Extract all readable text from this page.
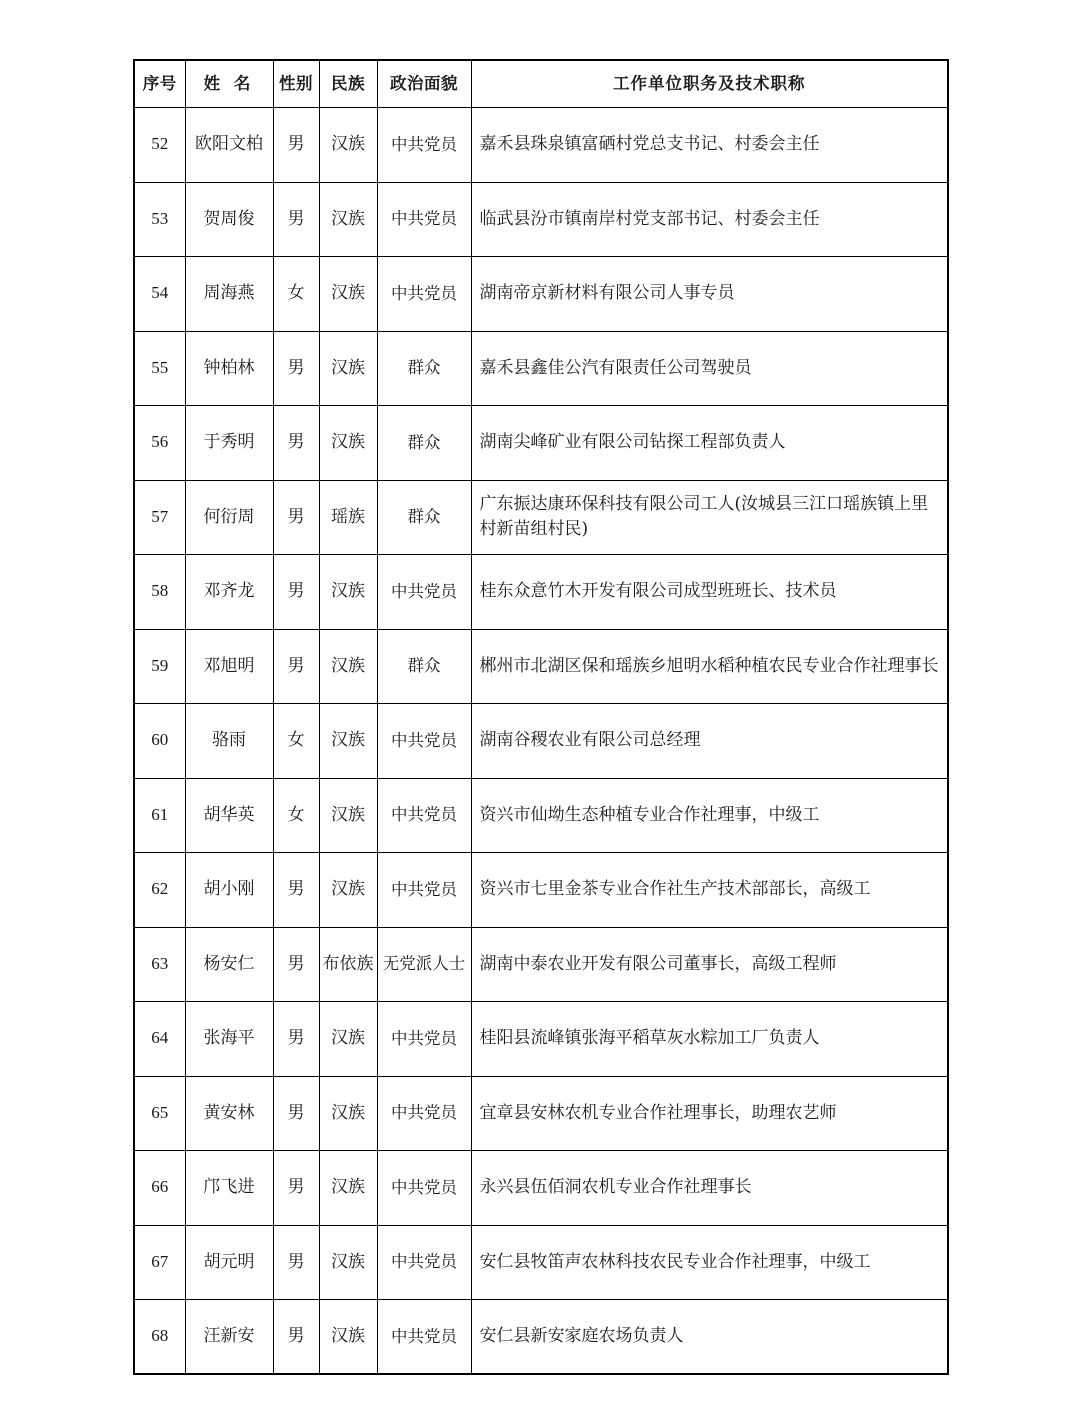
序号	姓 名	性别	民族	政治面貌	工作单位职务及技术职称
52	欧阳文柏	男	汉族	中共党员	嘉禾县珠泉镇富硒村党总支书记、村委会主任
53	贺周俊	男	汉族	中共党员	临武县汾市镇南岸村党支部书记、村委会主任
54	周海燕	女	汉族	中共党员	湖南帝京新材料有限公司人事专员
55	钟柏林	男	汉族	群众	嘉禾县鑫佳公汽有限责任公司驾驶员
56	于秀明	男	汉族	群众	湖南尖峰矿业有限公司钻探工程部负责人
57	何衍周	男	瑶族	群众	广东振达康环保科技有限公司工人(汝城县三江口瑶族镇上里村新苗组村民)
58	邓齐龙	男	汉族	中共党员	桂东众意竹木开发有限公司成型班班长、技术员
59	邓旭明	男	汉族	群众	郴州市北湖区保和瑶族乡旭明水稻种植农民专业合作社理事长
60	骆雨	女	汉族	中共党员	湖南谷稷农业有限公司总经理
61	胡华英	女	汉族	中共党员	资兴市仙坳生态种植专业合作社理事，中级工
62	胡小刚	男	汉族	中共党员	资兴市七里金茶专业合作社生产技术部部长，高级工
63	杨安仁	男	布依族	无党派人士	湖南中泰农业开发有限公司董事长，高级工程师
64	张海平	男	汉族	中共党员	桂阳县流峰镇张海平稻草灰水粽加工厂负责人
65	黄安林	男	汉族	中共党员	宜章县安林农机专业合作社理事长，助理农艺师
66	邝飞进	男	汉族	中共党员	永兴县伍佰洞农机专业合作社理事长
67	胡元明	男	汉族	中共党员	安仁县牧笛声农林科技农民专业合作社理事，中级工
68	汪新安	男	汉族	中共党员	安仁县新安家庭农场负责人
